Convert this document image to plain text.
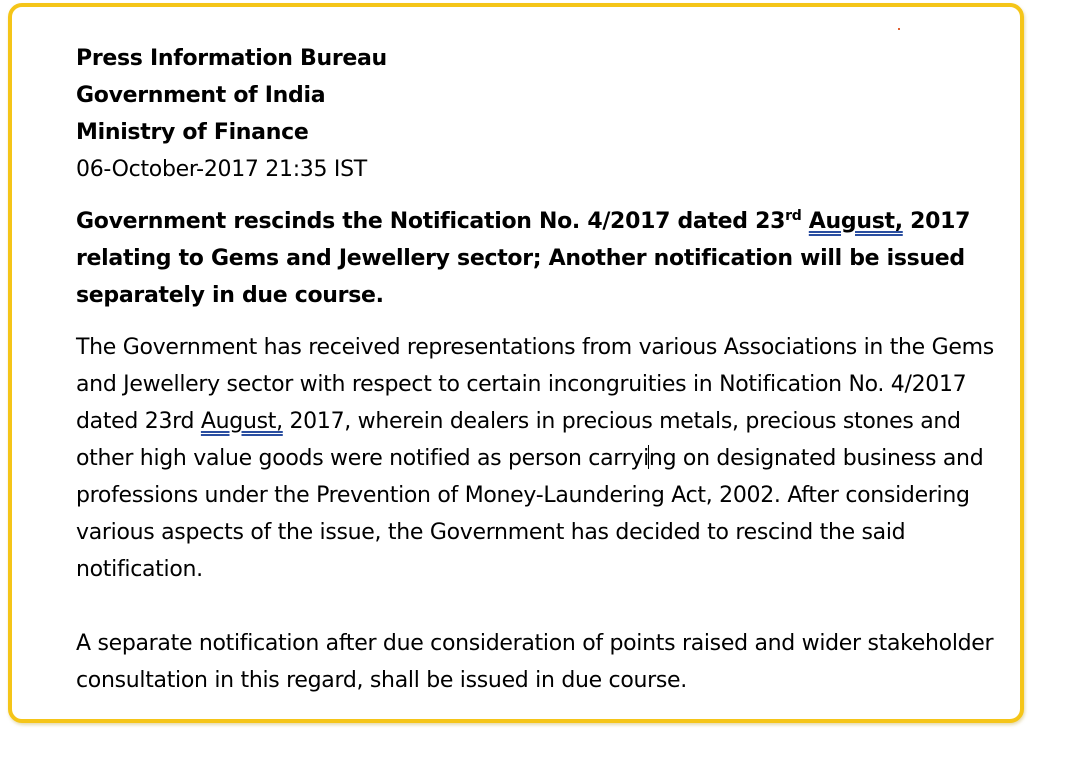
Press Information Bureau

Government of India

Ministry of Finance

06-October-2017 21:35 IST

Government rescinds the Notification No. 4/2017 dated 23rd August, 2017 relating to Gems and Jewellery sector; Another notification will be issued separately in due course.

The Government has received representations from various Associations in the Gems and Jewellery sector with respect to certain incongruities in Notification No. 4/2017 dated 23rd August, 2017, wherein dealers in precious metals, precious stones and other high value goods were notified as person carrying on designated business and professions under the Prevention of Money-Laundering Act, 2002. After considering various aspects of the issue, the Government has decided to rescind the said notification.

A separate notification after due consideration of points raised and wider stakeholder consultation in this regard, shall be issued in due course.
